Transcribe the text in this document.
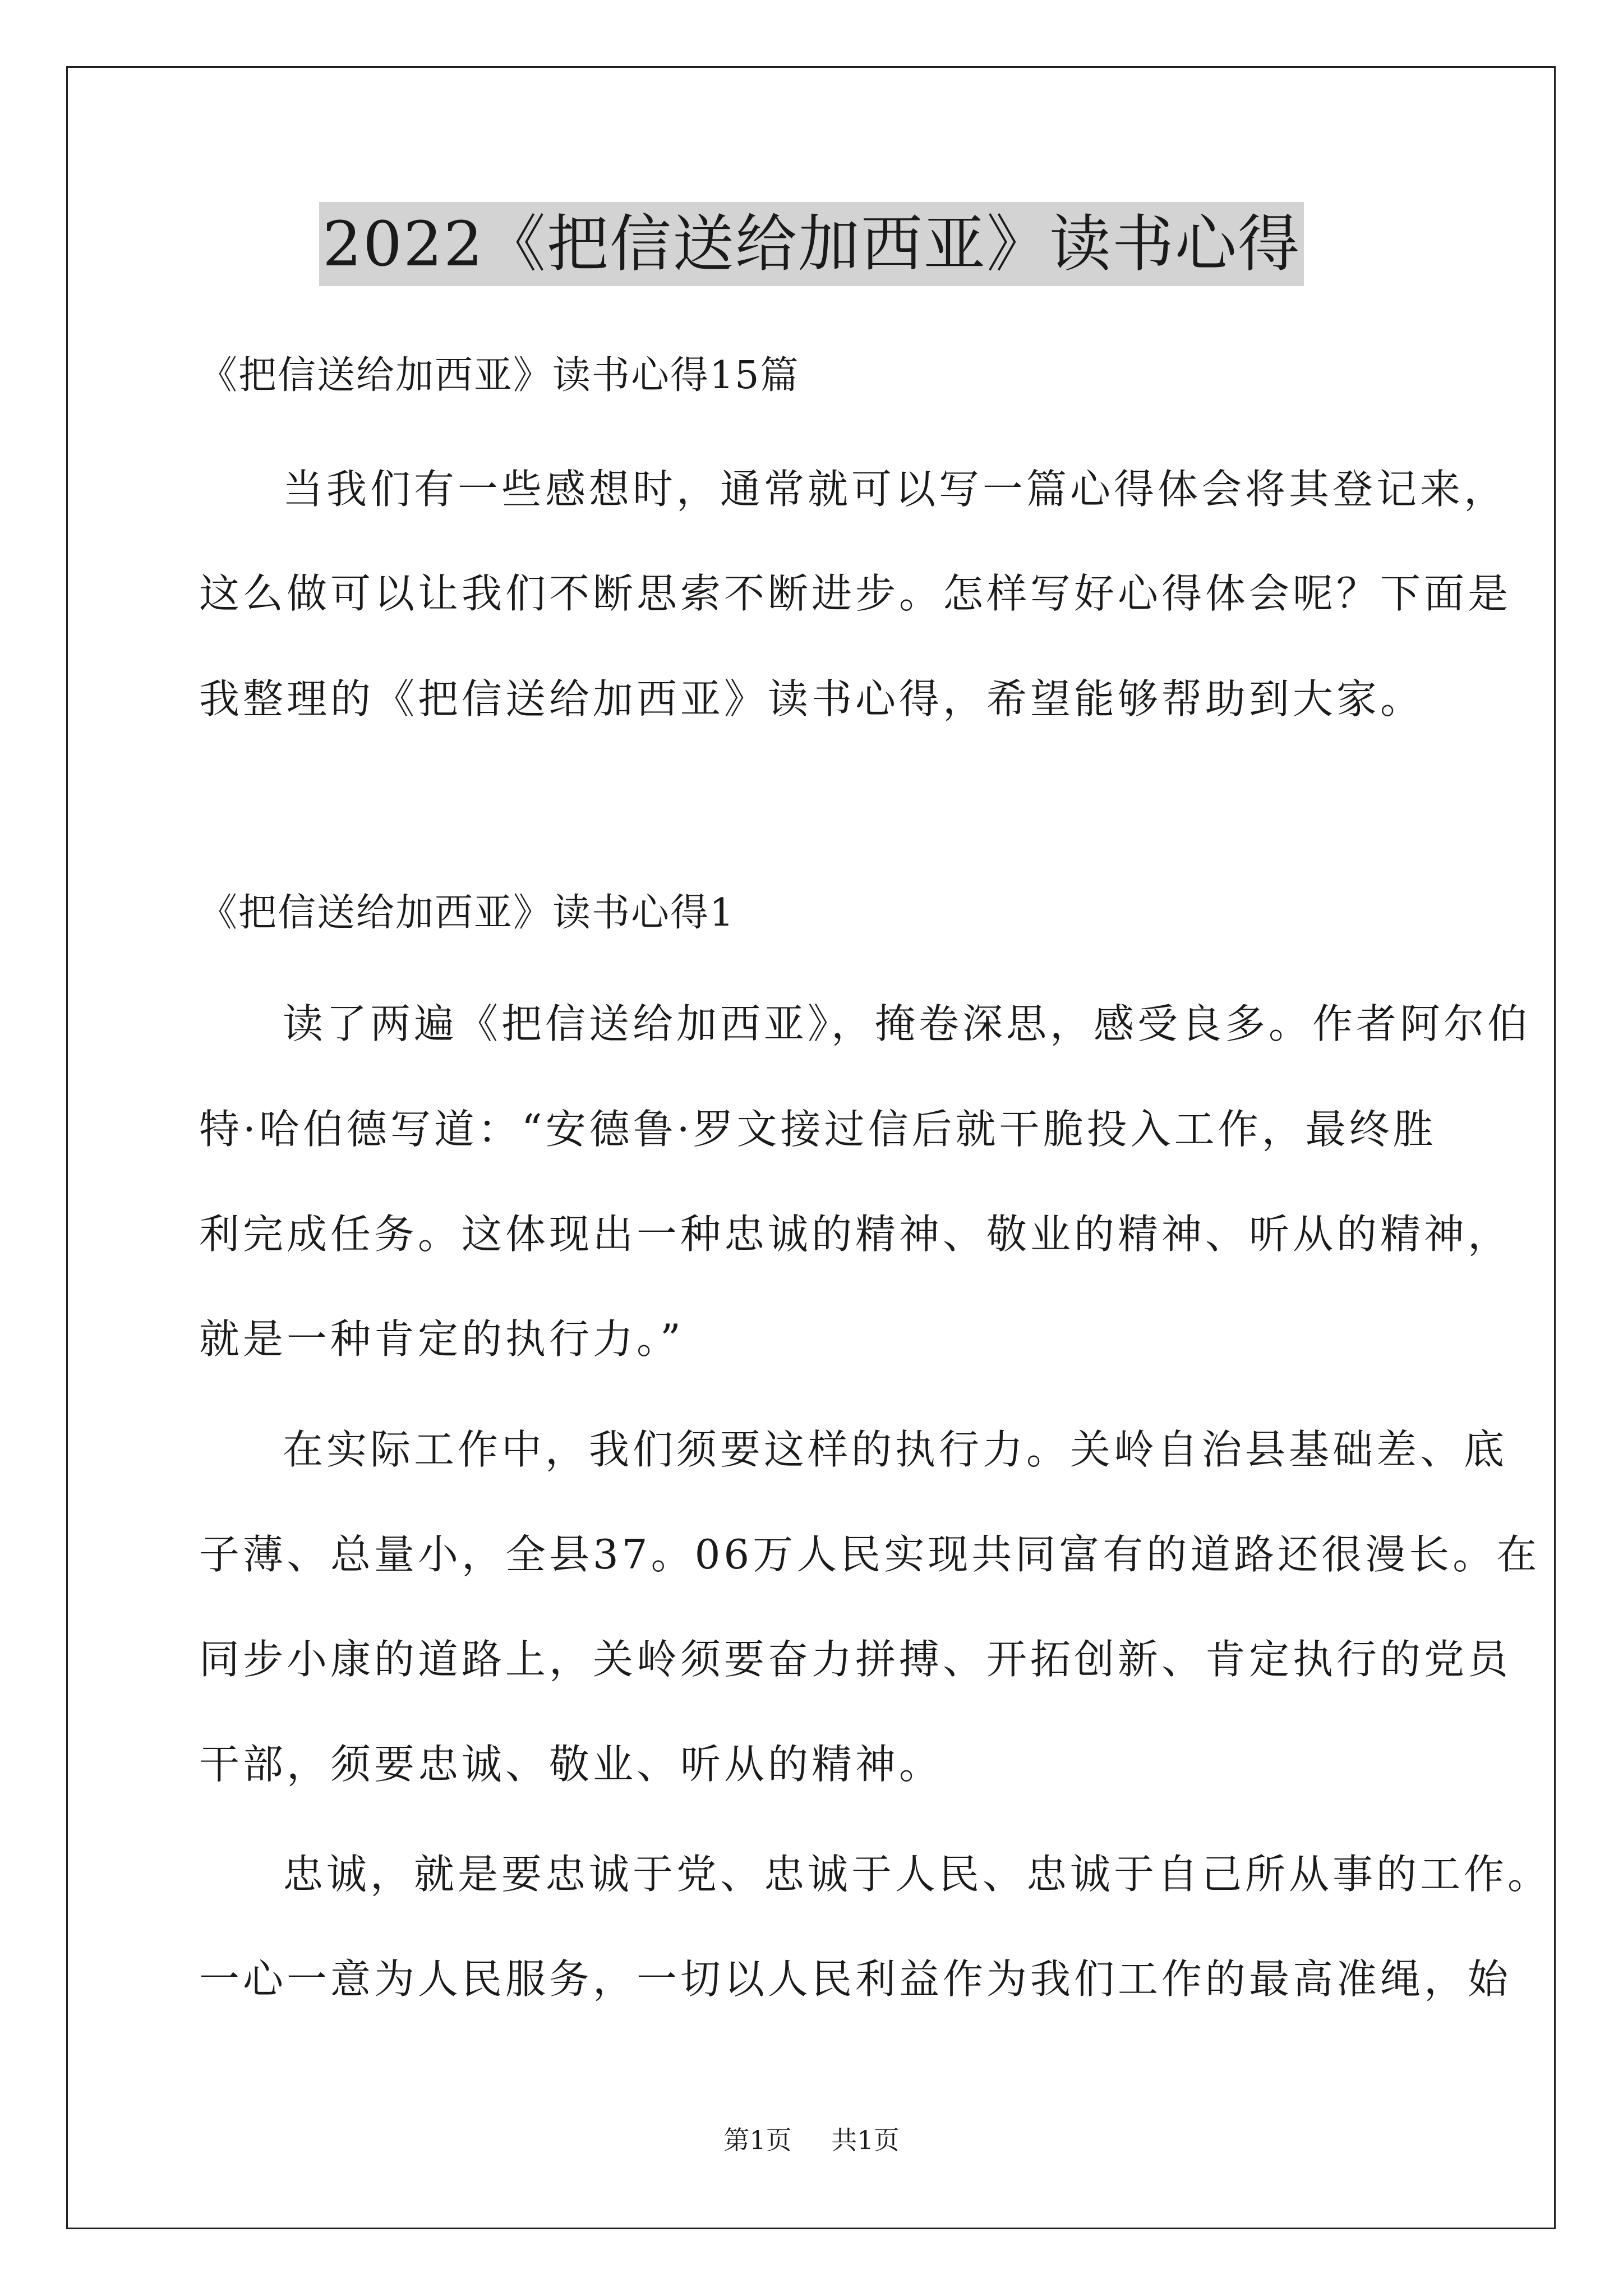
2022《把信送给加西亚》读书心得
《把信送给加西亚》读书心得15篇
当我们有一些感想时，通常就可以写一篇心得体会将其登记来，
这么做可以让我们不断思索不断进步。怎样写好心得体会呢？下面是
我整理的《把信送给加西亚》读书心得，希望能够帮助到大家。
《把信送给加西亚》读书心得1
读了两遍《把信送给加西亚》，掩卷深思，感受良多。作者阿尔伯
特·哈伯德写道：“安德鲁·罗文接过信后就干脆投入工作，最终胜
利完成任务。这体现出一种忠诚的精神、敬业的精神、听从的精神，
就是一种肯定的执行力。”
在实际工作中，我们须要这样的执行力。关岭自治县基础差、底
子薄、总量小，全县37。06万人民实现共同富有的道路还很漫长。在
同步小康的道路上，关岭须要奋力拼搏、开拓创新、肯定执行的党员
干部，须要忠诚、敬业、听从的精神。
忠诚，就是要忠诚于党、忠诚于人民、忠诚于自己所从事的工作。
一心一意为人民服务，一切以人民利益作为我们工作的最高准绳，始
第1页 共1页
